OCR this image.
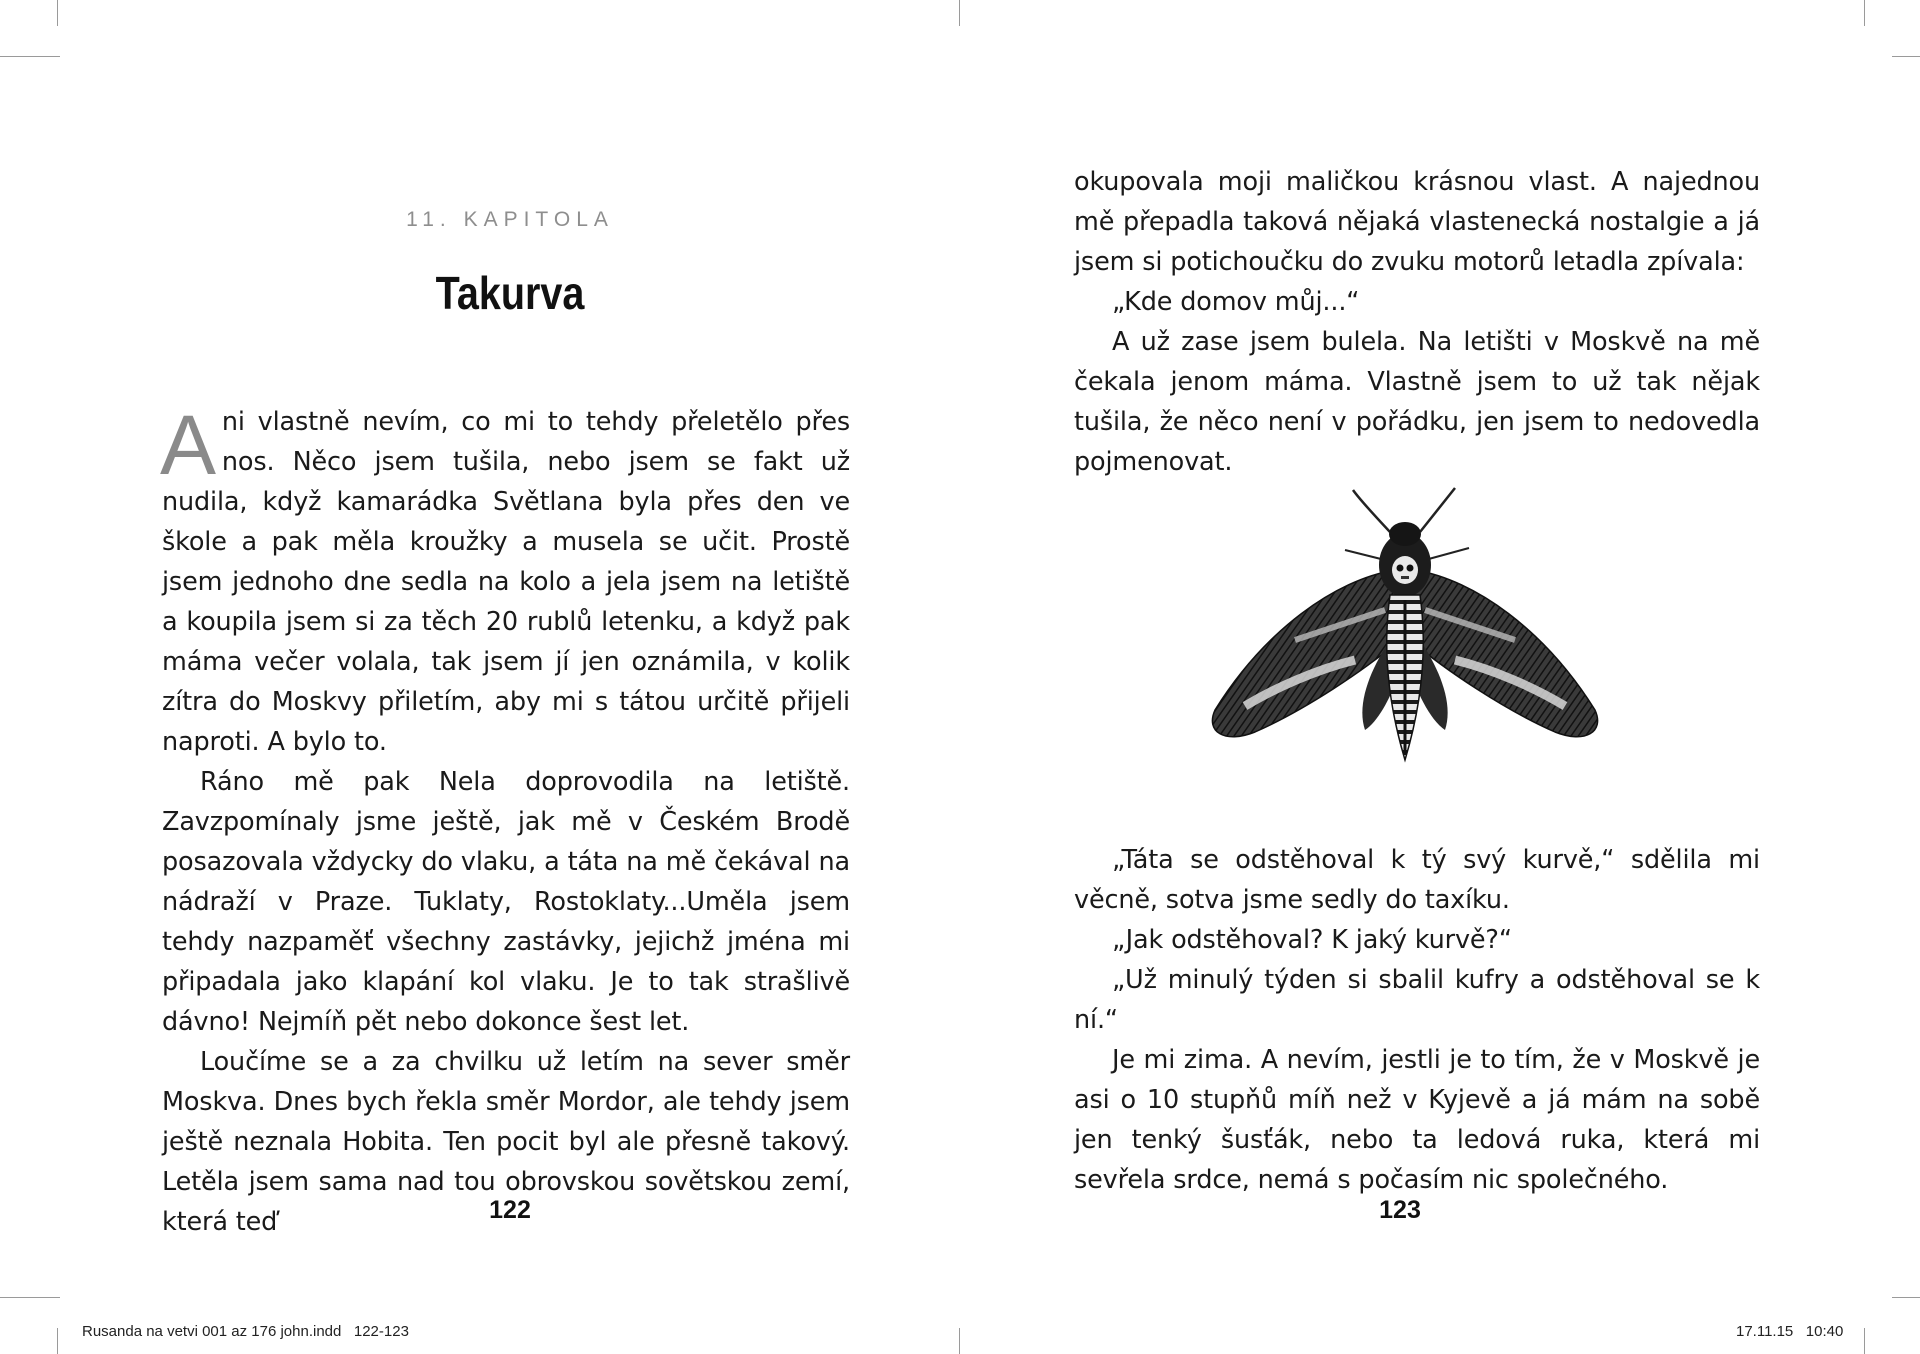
11. KAPITOLA
Takurva

Ani vlastně nevím, co mi to tehdy přeletělo přes nos. Něco jsem tušila, nebo jsem se fakt už nudila, když kamarádka Světlana byla přes den ve škole a pak měla kroužky a musela se učit. Prostě jsem jednoho dne sedla na kolo a jela jsem na letiště a koupila jsem si za těch 20 rublů letenku, a když pak máma večer volala, tak jsem jí jen oznámila, v kolik zítra do Moskvy přiletím, aby mi s tátou určitě přijeli naproti. A bylo to.

Ráno mě pak Nela doprovodila na letiště. Zavzpomínaly jsme ještě, jak mě v Českém Brodě posazovala vždycky do vlaku, a táta na mě čekával na nádraží v Praze. Tuklaty, Rostoklaty...Uměla jsem tehdy nazpaměť všechny zastávky, jejichž jména mi připadala jako klapání kol vlaku. Je to tak strašlivě dávno! Nejmíň pět nebo dokonce šest let.

Loučíme se a za chvilku už letím na sever směr Moskva. Dnes bych řekla směr Mordor, ale tehdy jsem ještě neznala Hobita. Ten pocit byl ale přesně takový. Letěla jsem sama nad tou obrovskou sovětskou zemí, která teď	122

okupovala moji maličkou krásnou vlast. A najednou mě přepadla taková nějaká vlastenecká nostalgie a já jsem si potichoučku do zvuku motorů letadla zpívala:

„Kde domov můj...“

A už zase jsem bulela. Na letišti v Moskvě na mě čekala jenom máma. Vlastně jsem to už tak nějak tušila, že něco není v pořádku, jen jsem to nedovedla pojmenovat.

„Táta se odstěhoval k tý svý kurvě,“ sdělila mi věcně, sotva jsme sedly do taxíku.

„Jak odstěhoval? K jaký kurvě?“

„Už minulý týden si sbalil kufry a odstěhoval se k ní.“

Je mi zima. A nevím, jestli je to tím, že v Moskvě je asi o 10 stupňů míň než v Kyjevě a já mám na sobě jen tenký šusťák, nebo ta ledová ruka, která mi sevřela srdce, nemá s počasím nic společného.

123
Rusanda na vetvi 001 az 176 john.indd   122-123	17.11.15   10:40
